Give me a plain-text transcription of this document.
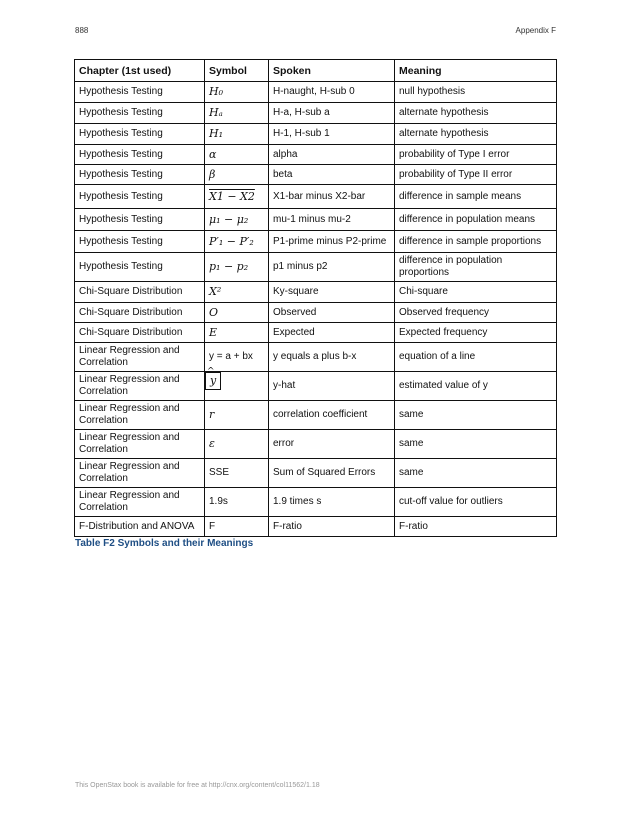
888	Appendix F
Chapter (1st used)	Symbol	Spoken	Meaning
Hypothesis Testing	H₀	H-naught, H-sub 0	null hypothesis
Hypothesis Testing	Hₐ	H-a, H-sub a	alternate hypothesis
Hypothesis Testing	H₁	H-1, H-sub 1	alternate hypothesis
Hypothesis Testing	α	alpha	probability of Type I error
Hypothesis Testing	β	beta	probability of Type II error
Hypothesis Testing	X1 − X2	X1-bar minus X2-bar	difference in sample means
Hypothesis Testing	μ₁ − μ₂	mu-1 minus mu-2	difference in population means
Hypothesis Testing	P′₁ − P′₂	P1-prime minus P2-prime	difference in sample proportions
Hypothesis Testing	p₁ − p₂	p1 minus p2	difference in population proportions
Chi-Square Distribution	X²	Ky-square	Chi-square
Chi-Square Distribution	O	Observed	Observed frequency
Chi-Square Distribution	E	Expected	Expected frequency
Linear Regression and Correlation	y = a + bx	y equals a plus b-x	equation of a line
Linear Regression and Correlation	^ y	y-hat	estimated value of y
Linear Regression and Correlation	r	correlation coefficient	same
Linear Regression and Correlation	ε	error	same
Linear Regression and Correlation	SSE	Sum of Squared Errors	same
Linear Regression and Correlation	1.9s	1.9 times s	cut-off value for outliers
F-Distribution and ANOVA	F	F-ratio	F-ratio
Table F2 Symbols and their Meanings
This OpenStax book is available for free at http://cnx.org/content/col11562/1.18
